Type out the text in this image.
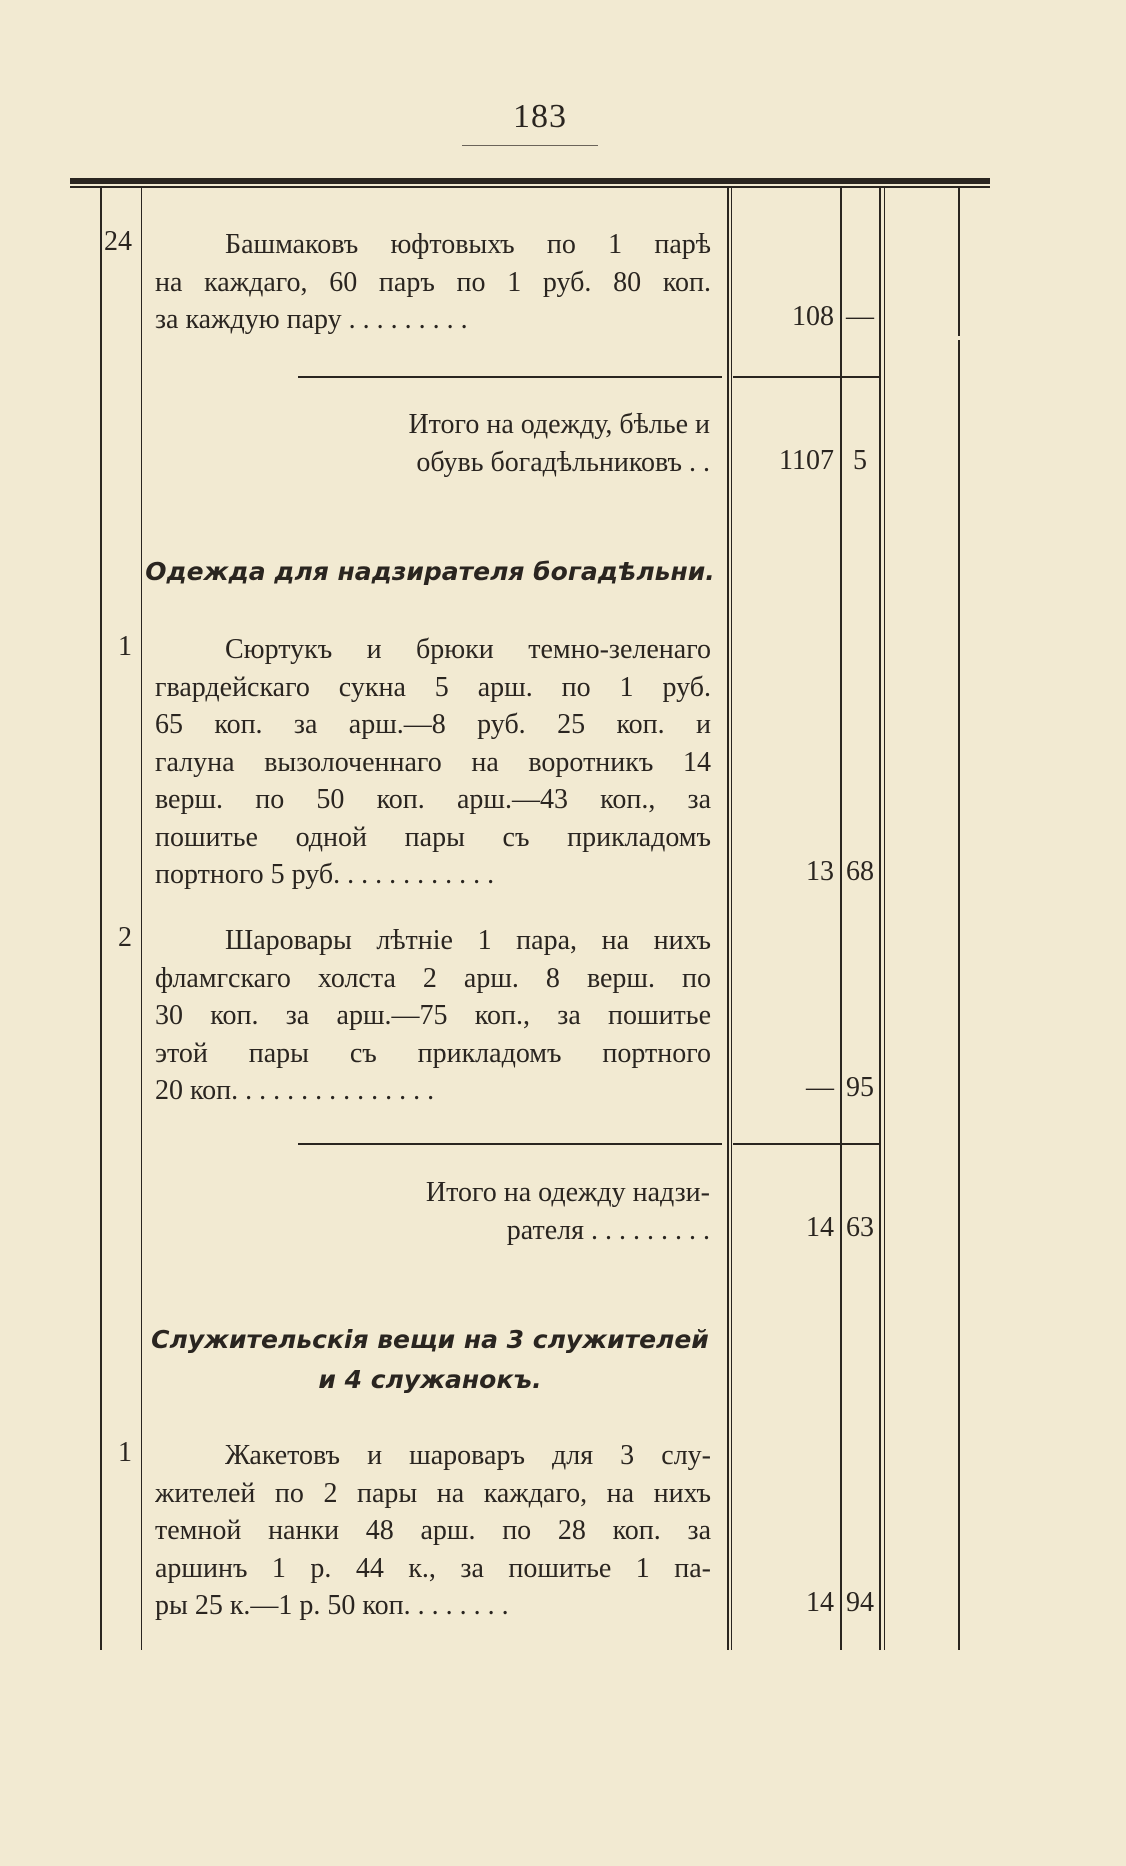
183
24	Башмаковъ юфтовыхъ по 1 парѣ
на каждаго, 60 паръ по 1 руб. 80 коп.
за каждую пару . . . . . . . . .	108 —
Итого на одежду, бѣлье и
обувь богадѣльниковъ . .	1107 5
Одежда для надзирателя богадѣльни.
1	Сюртукъ и брюки темно-зеленаго
гвардейскаго сукна 5 арш. по 1 руб.
65 коп. за арш.—8 руб. 25 коп. и
галуна вызолоченнаго на воротникъ 14
верш. по 50 коп. арш.—43 коп., за
пошитье одной пары съ прикладомъ
портного 5 руб. . . . . . . . . . . .	13 68
2	Шаровары лѣтніе 1 пара, на нихъ
фламгскаго холста 2 арш. 8 верш. по
30 коп. за арш.—75 коп., за пошитье
этой пары съ прикладомъ портного
20 коп. . . . . . . . . . . . . . .	— 95
Итого на одежду надзи-
рателя . . . . . . . . .	14 63
Служительскія вещи на 3 служителей
и 4 служанокъ.
1	Жакетовъ и шароваръ для 3 слу-
жителей по 2 пары на каждаго, на нихъ
темной нанки 48 арш. по 28 коп. за
аршинъ 1 р. 44 к., за пошитье 1 па-
ры 25 к.—1 р. 50 коп. . . . . . . .	14 94
